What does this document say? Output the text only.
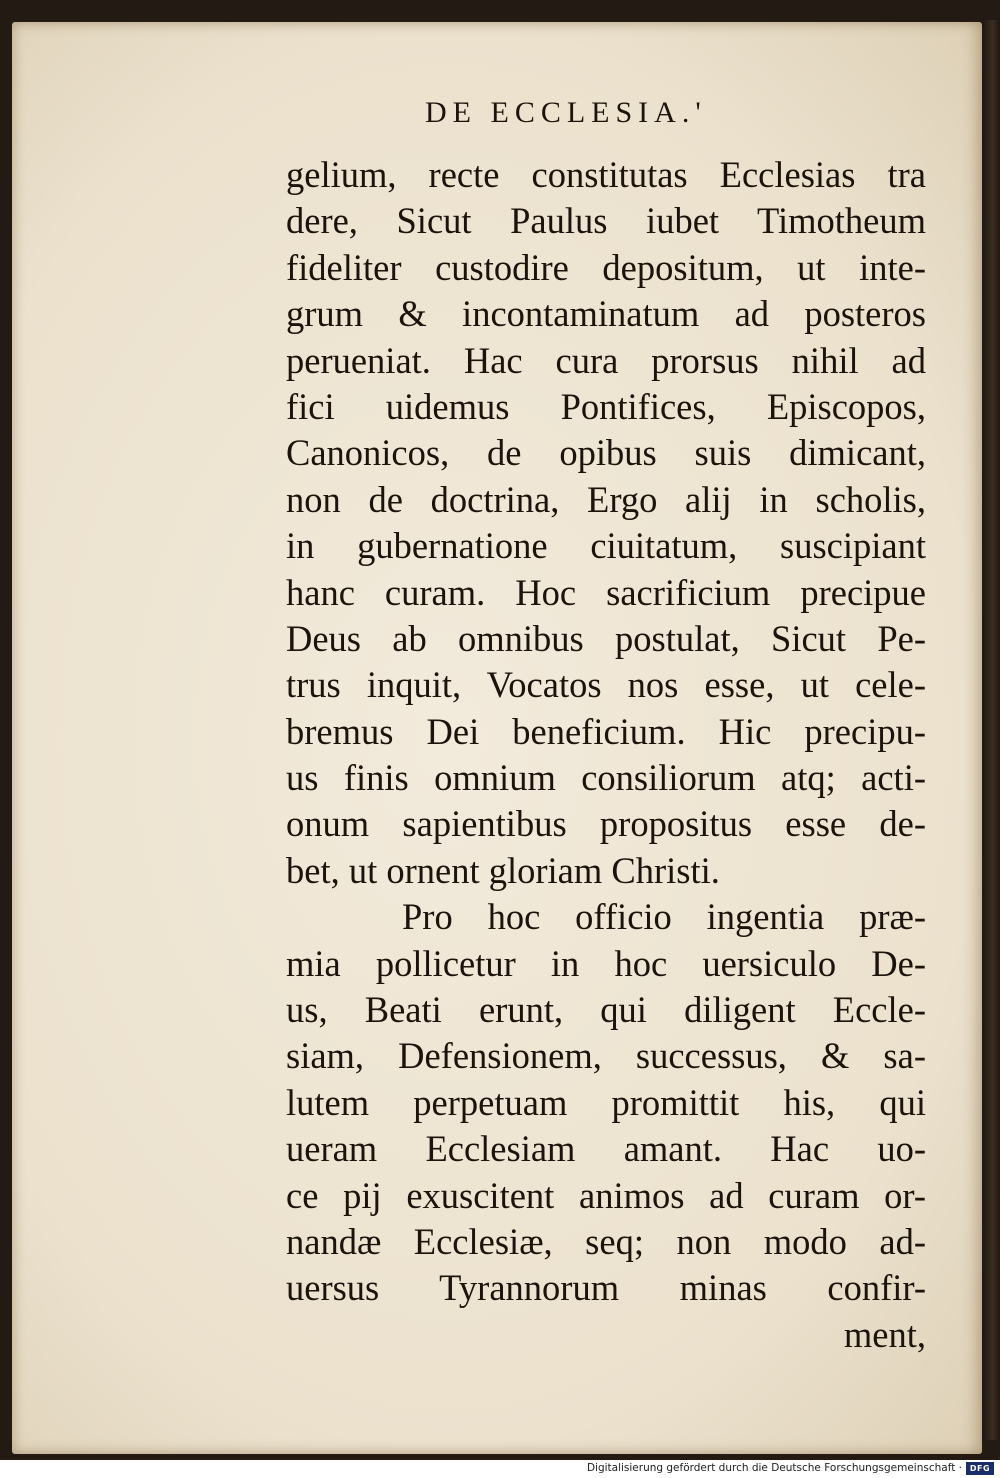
DE ECCLESIA.'
gelium, recte constitutas Ecclesias tra
dere, Sicut Paulus iubet Timotheum
fideliter custodire depositum, ut inte-
grum & incontaminatum ad posteros
perueniat. Hac cura prorsus nihil ad
fici uidemus Pontifices, Episcopos,
Canonicos, de opibus suis dimicant,
non de doctrina, Ergo alij in scholis,
in gubernatione ciuitatum, suscipiant
hanc curam. Hoc sacrificium precipue
Deus ab omnibus postulat, Sicut Pe-
trus inquit, Vocatos nos esse, ut cele-
bremus Dei beneficium. Hic precipu-
us finis omnium consiliorum atq; acti-
onum sapientibus propositus esse de-
bet, ut ornent gloriam Christi.
Pro hoc officio ingentia præ-
mia pollicetur in hoc uersiculo De-
us, Beati erunt, qui diligent Eccle-
siam, Defensionem, successus, & sa-
lutem perpetuam promittit his, qui
ueram Ecclesiam amant. Hac uo-
ce pij exuscitent animos ad curam or-
nandæ Ecclesiæ, seq; non modo ad-
uersus Tyrannorum minas confir-
ment,
Digitalisierung gefördert durch die Deutsche Forschungsgemeinschaft · DFG
